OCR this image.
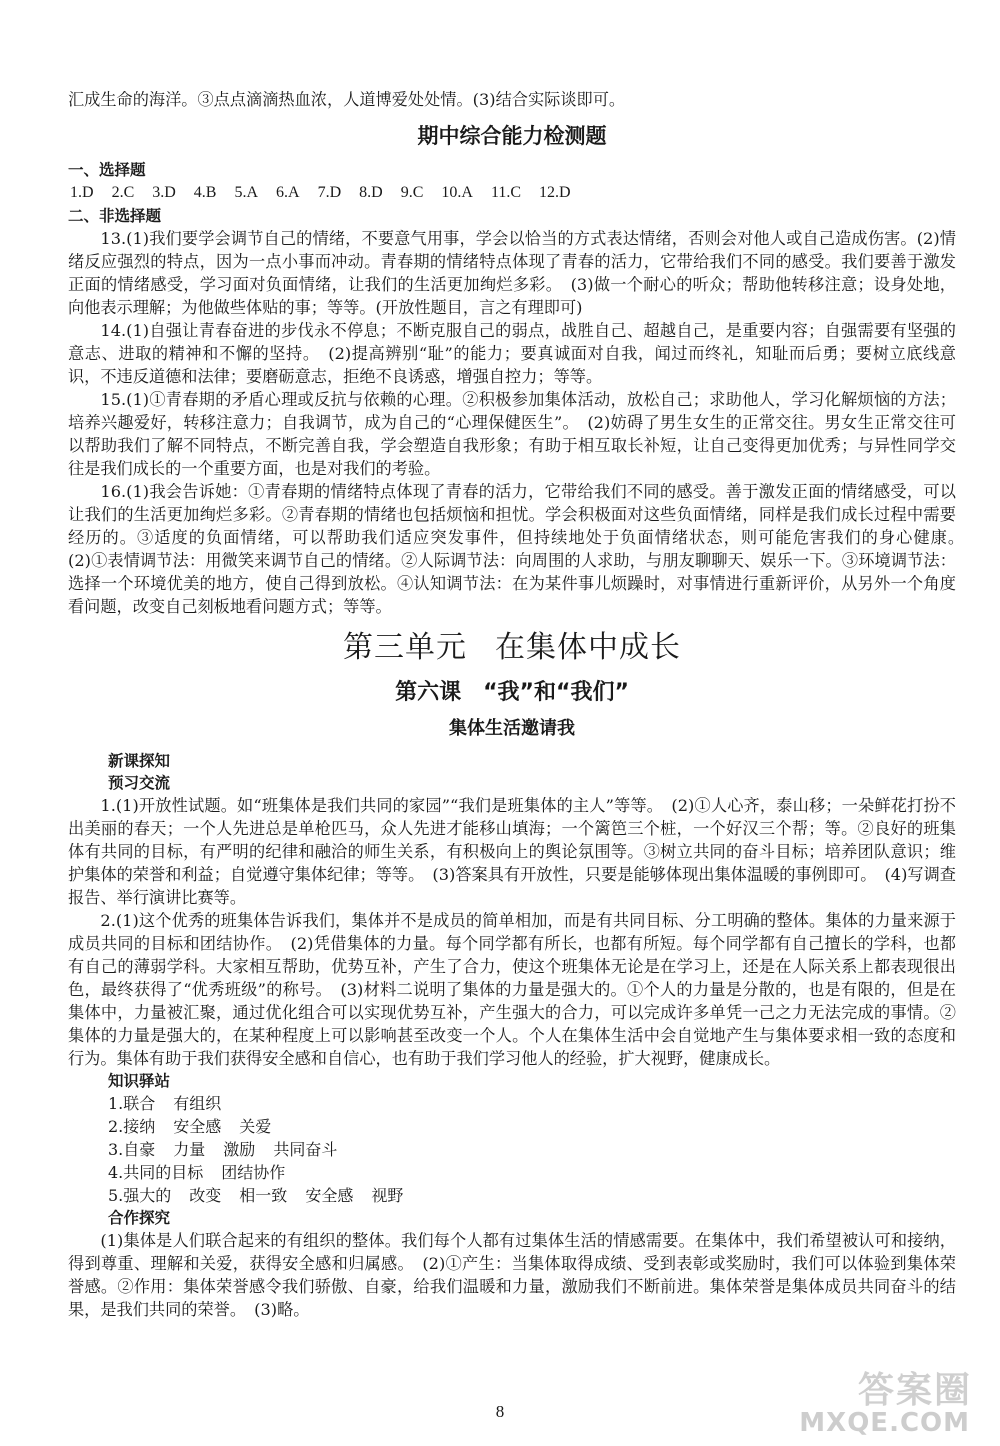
汇成生命的海洋。③点点滴滴热血浓，人道博爱处处情。(3)结合实际谈即可。

期中综合能力检测题

一、选择题

1.D 2.C 3.D 4.B 5.A 6.A 7.D 8.D 9.C 10.A 11.C 12.D

二、非选择题

13.(1)我们要学会调节自己的情绪，不要意气用事，学会以恰当的方式表达情绪，否则会对他人或自己造成伤害。(2)情绪反应强烈的特点，因为一点小事而冲动。青春期的情绪特点体现了青春的活力，它带给我们不同的感受。我们要善于激发正面的情绪感受，学习面对负面情绪，让我们的生活更加绚烂多彩。　(3)做一个耐心的听众；帮助他转移注意；设身处地，向他表示理解；为他做些体贴的事；等等。(开放性题目，言之有理即可)

14.(1)自强让青春奋进的步伐永不停息；不断克服自己的弱点，战胜自己、超越自己，是重要内容；自强需要有坚强的意志、进取的精神和不懈的坚持。　(2)提高辨别“耻”的能力；要真诚面对自我，闻过而终礼，知耻而后勇；要树立底线意识，不违反道德和法律；要磨砺意志，拒绝不良诱惑，增强自控力；等等。

15.(1)①青春期的矛盾心理或反抗与依赖的心理。②积极参加集体活动，放松自己；求助他人，学习化解烦恼的方法；培养兴趣爱好，转移注意力；自我调节，成为自己的“心理保健医生”。　(2)妨碍了男生女生的正常交往。男女生正常交往可以帮助我们了解不同特点，不断完善自我，学会塑造自我形象；有助于相互取长补短，让自己变得更加优秀；与异性同学交往是我们成长的一个重要方面，也是对我们的考验。

16.(1)我会告诉她：①青春期的情绪特点体现了青春的活力，它带给我们不同的感受。善于激发正面的情绪感受，可以让我们的生活更加绚烂多彩。②青春期的情绪也包括烦恼和担忧。学会积极面对这些负面情绪，同样是我们成长过程中需要经历的。③适度的负面情绪，可以帮助我们适应突发事件，但持续地处于负面情绪状态，则可能危害我们的身心健康。　(2)①表情调节法：用微笑来调节自己的情绪。②人际调节法：向周围的人求助，与朋友聊聊天、娱乐一下。③环境调节法：选择一个环境优美的地方，使自己得到放松。④认知调节法：在为某件事儿烦躁时，对事情进行重新评价，从另外一个角度看问题，改变自己刻板地看问题方式；等等。

第三单元 在集体中成长

第六课 “我”和“我们”

集体生活邀请我

新课探知

预习交流

1.(1)开放性试题。如“班集体是我们共同的家园”“我们是班集体的主人”等等。　(2)①人心齐，泰山移；一朵鲜花打扮不出美丽的春天；一个人先进总是单枪匹马，众人先进才能移山填海；一个篱笆三个桩，一个好汉三个帮；等。②良好的班集体有共同的目标，有严明的纪律和融洽的师生关系，有积极向上的舆论氛围等。③树立共同的奋斗目标；培养团队意识；维护集体的荣誉和利益；自觉遵守集体纪律；等等。　(3)答案具有开放性，只要是能够体现出集体温暖的事例即可。　(4)写调查报告、举行演讲比赛等。

2.(1)这个优秀的班集体告诉我们，集体并不是成员的简单相加，而是有共同目标、分工明确的整体。集体的力量来源于成员共同的目标和团结协作。　(2)凭借集体的力量。每个同学都有所长，也都有所短。每个同学都有自己擅长的学科，也都有自己的薄弱学科。大家相互帮助，优势互补，产生了合力，使这个班集体无论是在学习上，还是在人际关系上都表现很出色，最终获得了“优秀班级”的称号。　(3)材料二说明了集体的力量是强大的。①个人的力量是分散的，也是有限的，但是在集体中，力量被汇聚，通过优化组合可以实现优势互补，产生强大的合力，可以完成许多单凭一己之力无法完成的事情。②集体的力量是强大的，在某种程度上可以影响甚至改变一个人。个人在集体生活中会自觉地产生与集体要求相一致的态度和行为。集体有助于我们获得安全感和自信心，也有助于我们学习他人的经验，扩大视野，健康成长。

知识驿站

1.联合 有组织

2.接纳 安全感 关爱

3.自豪 力量 激励 共同奋斗

4.共同的目标 团结协作

5.强大的 改变 相一致 安全感 视野

合作探究

(1)集体是人们联合起来的有组织的整体。我们每个人都有过集体生活的情感需要。在集体中，我们希望被认可和接纳，得到尊重、理解和关爱，获得安全感和归属感。　(2)①产生：当集体取得成绩、受到表彰或奖励时，我们可以体验到集体荣誉感。②作用：集体荣誉感令我们骄傲、自豪，给我们温暖和力量，激励我们不断前进。集体荣誉是集体成员共同奋斗的结果，是我们共同的荣誉。　(3)略。

8
答案圈
MXQE.COM
